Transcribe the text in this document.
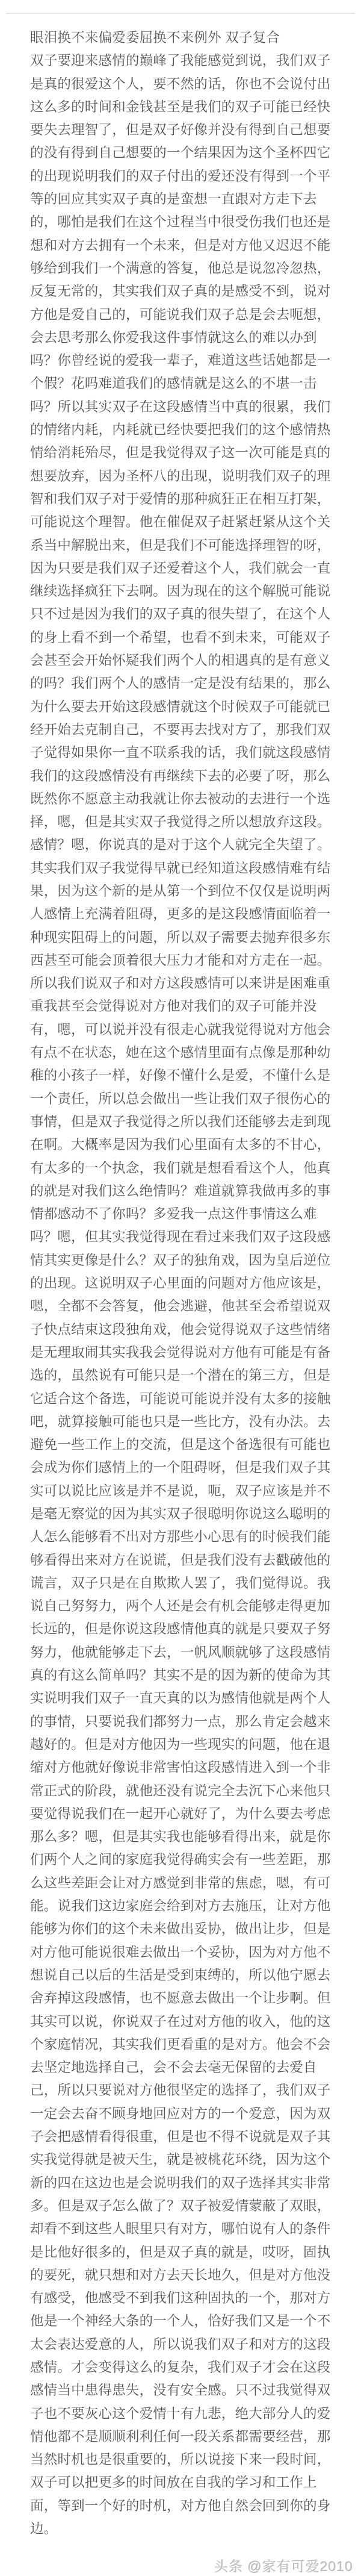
眼泪换不来偏爱委屈换不来例外 双子复合
双子要迎来感情的巅峰了我能感觉到说，我们双子
是真的很爱这个人，要不然的话，你也不会说付出
这么多的时间和金钱甚至是我们的双子可能已经快
要失去理智了，但是双子好像并没有得到自己想要
的没有得到自己想要的一个结果因为这个圣杯四它
的出现说明我们的双子付出的爱还没有得到一个平
等的回应其实双子真的是蛮想一直跟对方走下去
的，哪怕是我们在这个过程当中很受伤我们也还是
想和对方去拥有一个未来，但是对方他又迟迟不能
够给到我们一个满意的答复，他总是说忽冷忽热，
反复无常的，其实我们双子真的是感受不到，说对
方他是爱自己的，可能说我们双子总是会去呃想，
会去思考那么你爱我这件事情就这么的难以办到
吗？你曾经说的爱我一辈子，难道这些话她都是一
个假？花吗难道我们的感情就是这么的不堪一击
吗？所以其实双子在这段感情当中真的很累，我们
的情绪内耗，内耗就已经快要把我们的这个感情热
情给消耗殆尽，但是我觉得双子这一次可能是真的
想要放弃，因为圣杯八的出现，说明我们双子的理
智和我们双子对于爱情的那种疯狂正在相互打架，
可能说这个理智。他在催促双子赶紧赶紧从这个关
系当中解脱出来，但是我们不可能选择理智的呀，
因为只要是我们双子还爱着这个人，我们就会一直
继续选择疯狂下去啊。因为现在的这个解脱可能说
只不过是因为我们的双子真的很失望了，在这个人
的身上看不到一个希望，也看不到未来，可能双子
会甚至会开始怀疑我们两个人的相遇真的是有意义
的吗？我们两个人的感情一定是没有结果的，那么
为什么要去开始这段感情就这个时候双子可能就已
经开始去克制自己，不要再去找对方了，那我们双
子觉得如果你一直不联系我的话，我们就这段感情
我们的这段感情没有再继续下去的必要了呀，那么
既然你不愿意主动我就让你去被动的去进行一个选
择，嗯，但是其实双子我觉得之所以想放弃这段。
感情？嗯，你说真的是对于这个人就完全失望了。
其实我们双子我觉得早就已经知道这段感情难有结
果，因为这个新的是从第一个到位不仅仅是说明两
人感情上充满着阻碍，更多的是这段感情面临着一
种现实阻碍上的问题，所以双子需要去抛弃很多东
西甚至可能会顶着很大压力才能和对方走在一起。
所以我们说双子和对方这段感情可以来讲是困难重
重我甚至会觉得说对方他对我们的双子可能并没
有，嗯，可以说并没有很走心就我觉得说对方他会
有点不在状态，她在这个感情里面有点像是那种幼
稚的小孩子一样，好像不懂什么是爱，不懂什么是
一个责任，所以总会做出一些让我们双子很伤心的
事情，但是双子我觉得之所以我们还能够去走到现
在啊。大概率是因为我们心里面有太多的不甘心，
有太多的一个执念，我们就是想看看这个人，他真
的就是对我们这么绝情吗？难道就算我做再多的事
情都感动不了你吗？多爱我一点这件事情这么难
吗？嗯，但其实我觉得现在看过来我们双子这段感
情其实更像是什么？双子的独角戏，因为皇后逆位
的出现。这说明双子心里面的问题对方他应该是，
嗯，全都不会答复，他会逃避，他甚至会希望说双
子快点结束这段独角戏，他会觉得说双子这些情绪
是无理取闹其实我我会觉得说对方他有可能是有备
选的，虽然说有可能只是一个潜在的第三方，但是
它适合这个备选，可能说可能说并没有太多的接触
吧，就算接触可能也只是一些比方，没有办法。去
避免一些工作上的交流，但是这个备选很有可能也
会成为你们感情上的一个阻碍呀，但是我们双子其
实可以说比应该是并不是说，呃，双子应该是并不
是毫无察觉的因为其实双子很聪明你说这么聪明的
人怎么能够看不出对方那些小心思有的时候我们能
够看得出来对方在说谎，但是我们没有去戳破他的
谎言，双子只是在自欺欺人罢了，我们觉得说。我
说自己努努力，两个人还是会有机会能够走得更加
长远的，但是你说这段感情他真的就是只要双子努
努力，他就能够走下去，一帆风顺就够了这段感情
真的有这么简单吗？其实不是的因为新的使命为其
实说明我们双子一直天真的以为感情他就是两个人
的事情，只要说我们都努力一点，那么肯定会越来
越好的。但是对方他因为一些现实的问题，他在退
缩对方他就好像说非常害怕这段感情进入到一个非
常正式的阶段，就他还没有说完全去沉下心来他只
要觉得说我们在一起开心就好了，为什么要去考虑
那么多？嗯，但是其实我也能够看得出来，就是你
们两个人之间的家庭我觉得确实会有一些差距，那
么这些差距会让对方感觉到非常的焦虑，嗯，有可
能。说我们这边家庭会给到对方去施压，让对方他
能够为你们的这个未来做出妥协，做出让步，但是
对方他可能说很难去做出一个妥协，因为对方他不
想说自己以后的生活是受到束缚的，所以他宁愿去
舍弃掉这段感情，也不愿意去做出一个让步啊。但
其实可以说，你说双子在过对方他的收入，他的这
个家庭情况，其实我们更看重的是对方。他会不会
去坚定地选择自己，会不会去毫无保留的去爱自
己，所以只要说对方他很坚定的选择了，我们双子
一定会去奋不顾身地回应对方的一个爱意，因为双
子会把感情看得很重，但是也不得不说就是双子其
实我觉得就是被天生，就是被桃花环绕，因为这个
新的四在这边也是会说明我们的双子选择其实非常
多。但是双子怎么做了？双子被爱情蒙蔽了双眼，
却看不到这些人眼里只有对方，哪怕说有人的条件
是比他好很多的，但是双子真的就是，哎呀，固执
的要死，就只想和对方去天长地久，但是对方他没
有感受，他感受不到我们这种固执的一个，那对方
他是一个神经大条的一个人，恰好我们又是一个不
太会表达爱意的人，所以说我们双子和对方的这段
感情。才会变得这么的复杂，我们双子才会在这段
感情当中患得患失，没有安全感。只不过我觉得双
子也不要灰心这个爱情十有九悲，绝大部分人的爱
情他都不是顺顺利利任何一段关系都需要经营，那
当然时机也是很重要的，所以说接下来一段时间，
双子可以把更多的时间放在自我的学习和工作上
面，等到一个好的时机，对方他自然会回到你的身
边。
头条 @家有可爱2010
